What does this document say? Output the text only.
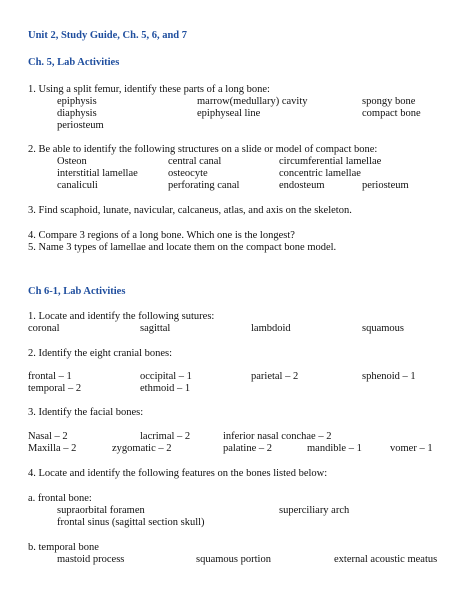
Unit 2, Study Guide, Ch. 5, 6, and 7
Ch. 5, Lab Activities
1. Using a split femur, identify these parts of a long bone:
epiphysis	marrow(medullary) cavity	spongy bone
diaphysis	epiphyseal line	compact bone
periosteum
2. Be able to identify the following structures on a slide or model of compact bone:
Osteon	central canal	circumferential lamellae
interstitial lamellae	osteocyte	concentric lamellae
canaliculi	perforating canal	endosteum	periosteum
3. Find scaphoid, lunate, navicular, calcaneus, atlas, and axis on the skeleton.
4. Compare 3 regions of a long bone. Which one is the longest?
5. Name 3 types of lamellae and locate them on the compact bone model.
Ch 6-1, Lab Activities
1. Locate and identify the following sutures:
coronal	sagittal	lambdoid	squamous
2. Identify the eight cranial bones:
frontal – 1	occipital – 1	parietal – 2	sphenoid – 1
temporal – 2	ethmoid – 1
3. Identify the facial bones:
Nasal – 2	lacrimal – 2	inferior nasal conchae – 2
Maxilla – 2	zygomatic – 2	palatine – 2	mandible – 1	vomer – 1
4. Locate and identify the following features on the bones listed below:
a. frontal bone:
supraorbital foramen	superciliary arch
frontal sinus (sagittal section skull)
b. temporal bone
mastoid process	squamous portion	external acoustic meatus
